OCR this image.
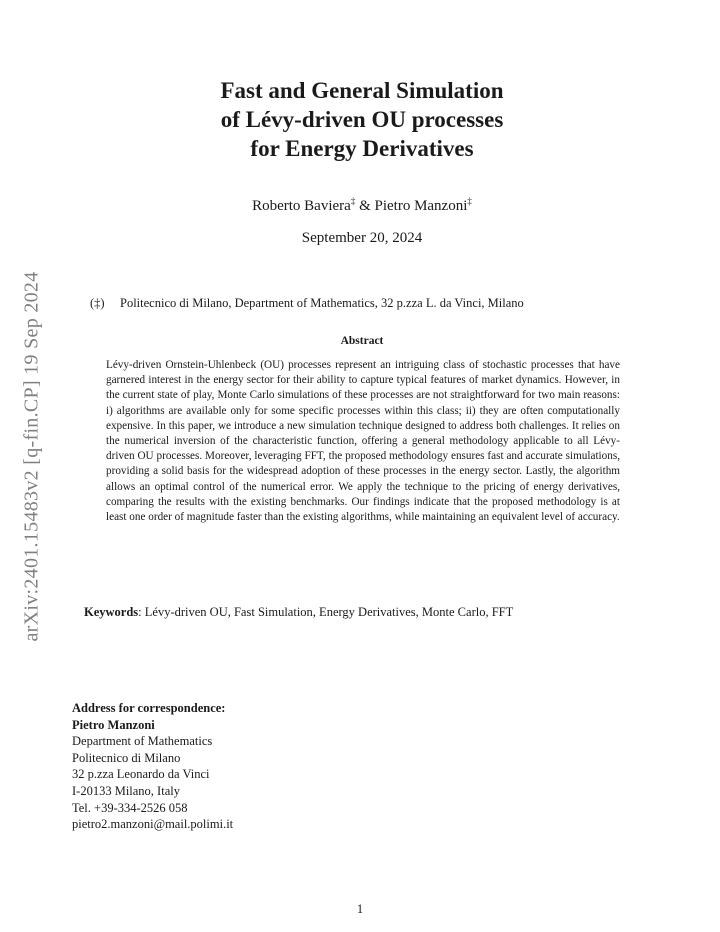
arXiv:2401.15483v2 [q-fin.CP] 19 Sep 2024
Fast and General Simulation
of Lévy-driven OU processes
for Energy Derivatives
Roberto Baviera‡ & Pietro Manzoni‡
September 20, 2024
(‡) Politecnico di Milano, Department of Mathematics, 32 p.zza L. da Vinci, Milano
Abstract
Lévy-driven Ornstein-Uhlenbeck (OU) processes represent an intriguing class of stochastic processes that have garnered interest in the energy sector for their ability to capture typical features of market dynamics. However, in the current state of play, Monte Carlo simulations of these processes are not straightforward for two main reasons: i) algorithms are available only for some specific processes within this class; ii) they are often computationally expensive. In this paper, we introduce a new simulation technique designed to address both challenges. It relies on the numerical inversion of the characteristic function, offering a general methodology applicable to all Lévy-driven OU processes. Moreover, leveraging FFT, the proposed methodology ensures fast and accurate simulations, providing a solid basis for the widespread adoption of these processes in the energy sector. Lastly, the algorithm allows an optimal control of the numerical error. We apply the technique to the pricing of energy derivatives, comparing the results with the existing benchmarks. Our findings indicate that the proposed methodology is at least one order of magnitude faster than the existing algorithms, while maintaining an equivalent level of accuracy.
Keywords: Lévy-driven OU, Fast Simulation, Energy Derivatives, Monte Carlo, FFT
Address for correspondence:
Pietro Manzoni
Department of Mathematics
Politecnico di Milano
32 p.zza Leonardo da Vinci
I-20133 Milano, Italy
Tel. +39-334-2526 058
pietro2.manzoni@mail.polimi.it
1
